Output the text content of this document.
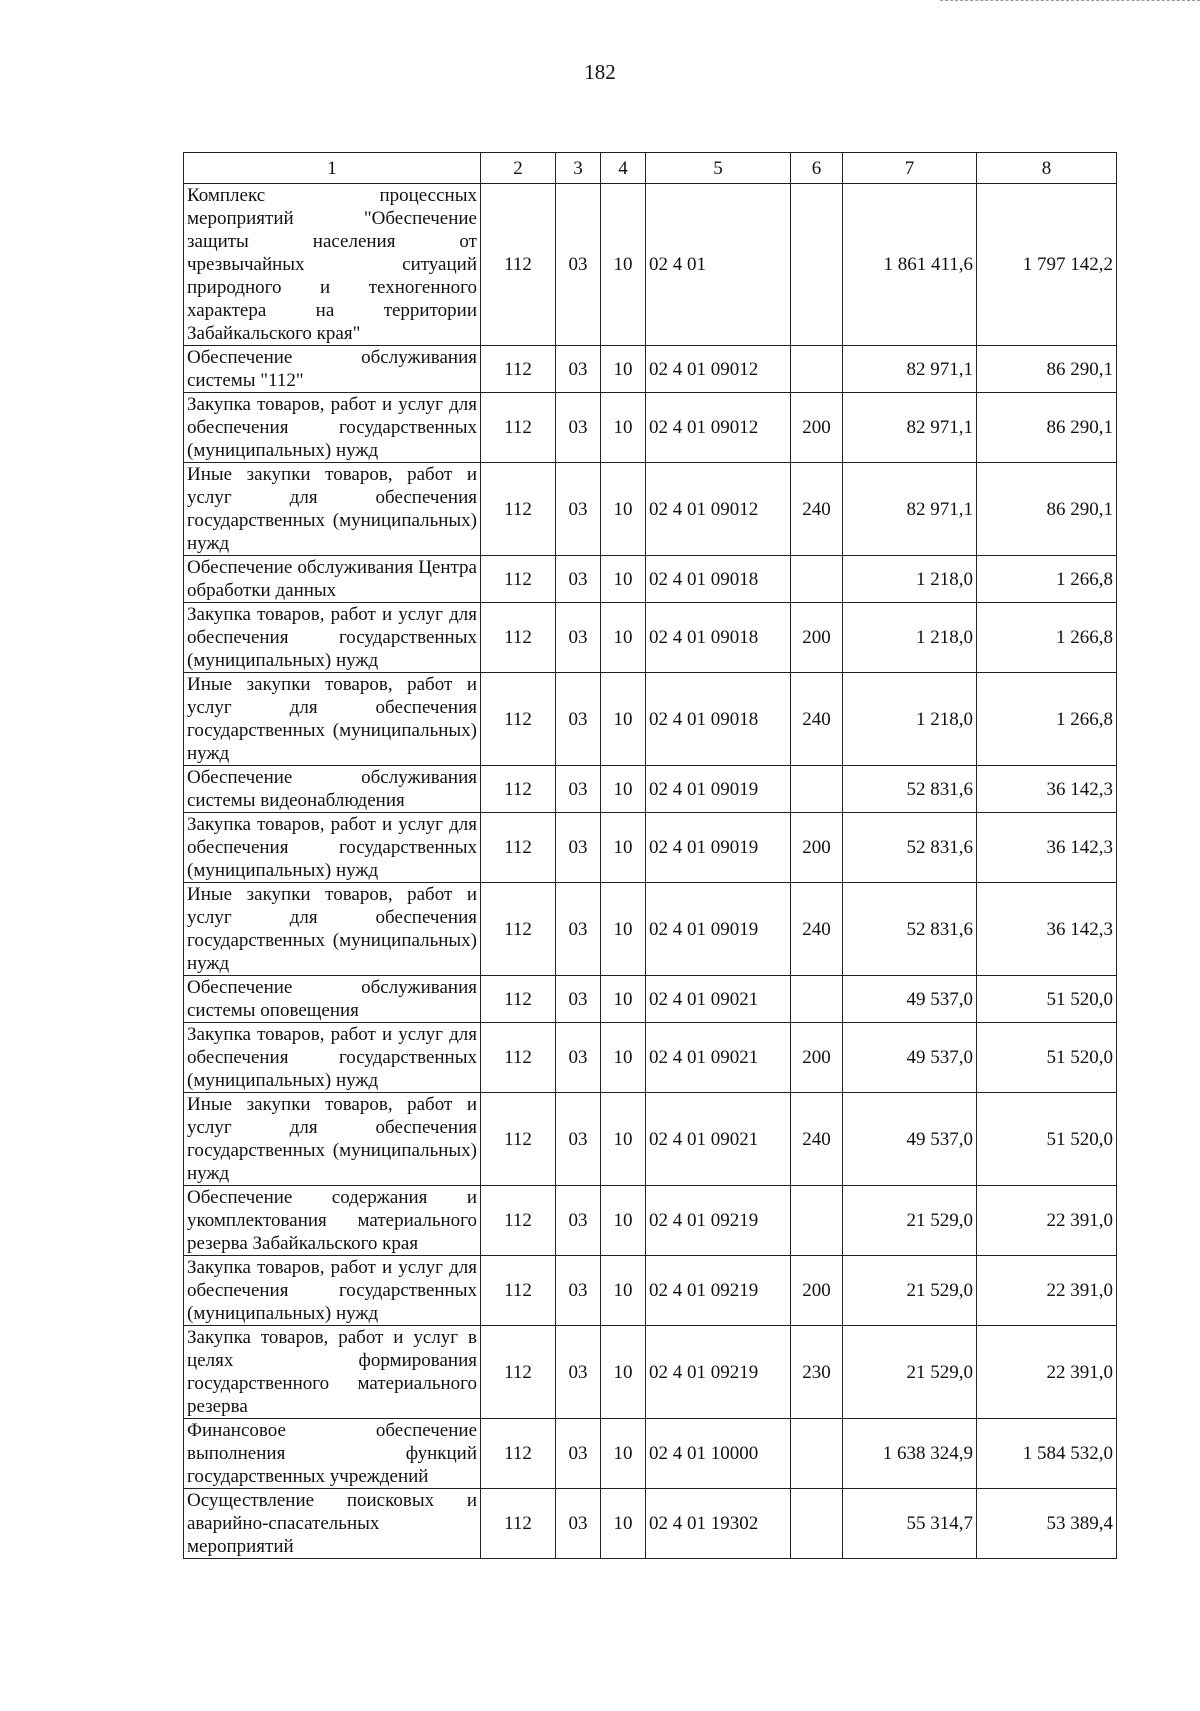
182
1	2	3	4	5	6	7	8
Комплекс процессных мероприятий "Обеспечение защиты населения от чрезвычайных ситуаций природного и техногенного характера на территории Забайкальского края"	112	03	10	02 4 01		1 861 411,6	1 797 142,2
Обеспечение обслуживания системы "112"	112	03	10	02 4 01 09012		82 971,1	86 290,1
Закупка товаров, работ и услуг для обеспечения государственных (муниципальных) нужд	112	03	10	02 4 01 09012	200	82 971,1	86 290,1
Иные закупки товаров, работ и услуг для обеспечения государственных (муниципальных) нужд	112	03	10	02 4 01 09012	240	82 971,1	86 290,1
Обеспечение обслуживания Центра обработки данных	112	03	10	02 4 01 09018		1 218,0	1 266,8
Закупка товаров, работ и услуг для обеспечения государственных (муниципальных) нужд	112	03	10	02 4 01 09018	200	1 218,0	1 266,8
Иные закупки товаров, работ и услуг для обеспечения государственных (муниципальных) нужд	112	03	10	02 4 01 09018	240	1 218,0	1 266,8
Обеспечение обслуживания системы видеонаблюдения	112	03	10	02 4 01 09019		52 831,6	36 142,3
Закупка товаров, работ и услуг для обеспечения государственных (муниципальных) нужд	112	03	10	02 4 01 09019	200	52 831,6	36 142,3
Иные закупки товаров, работ и услуг для обеспечения государственных (муниципальных) нужд	112	03	10	02 4 01 09019	240	52 831,6	36 142,3
Обеспечение обслуживания системы оповещения	112	03	10	02 4 01 09021		49 537,0	51 520,0
Закупка товаров, работ и услуг для обеспечения государственных (муниципальных) нужд	112	03	10	02 4 01 09021	200	49 537,0	51 520,0
Иные закупки товаров, работ и услуг для обеспечения государственных (муниципальных) нужд	112	03	10	02 4 01 09021	240	49 537,0	51 520,0
Обеспечение содержания и укомплектования материального резерва Забайкальского края	112	03	10	02 4 01 09219		21 529,0	22 391,0
Закупка товаров, работ и услуг для обеспечения государственных (муниципальных) нужд	112	03	10	02 4 01 09219	200	21 529,0	22 391,0
Закупка товаров, работ и услуг в целях формирования государственного материального резерва	112	03	10	02 4 01 09219	230	21 529,0	22 391,0
Финансовое обеспечение выполнения функций государственных учреждений	112	03	10	02 4 01 10000		1 638 324,9	1 584 532,0
Осуществление поисковых и аварийно-спасательных мероприятий	112	03	10	02 4 01 19302		55 314,7	53 389,4
